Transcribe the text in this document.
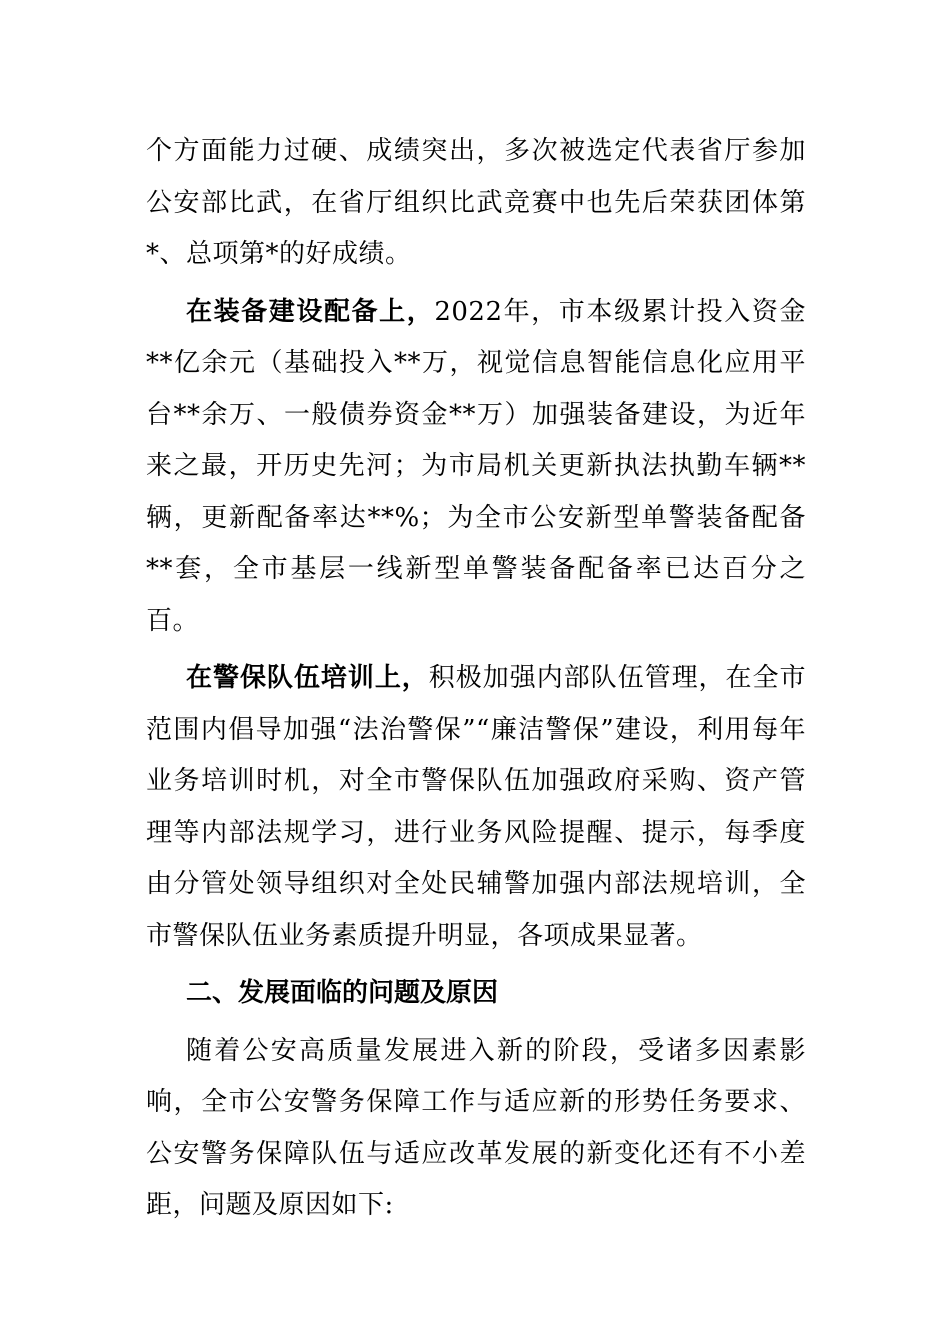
个方面能力过硬、成绩突出，多次被选定代表省厅参加公安部比武，在省厅组织比武竞赛中也先后荣获团体第*、总项第*的好成绩。

在装备建设配备上，2022年，市本级累计投入资金**亿余元（基础投入**万，视觉信息智能信息化应用平台**余万、一般债券资金**万）加强装备建设，为近年来之最，开历史先河；为市局机关更新执法执勤车辆**辆，更新配备率达**%；为全市公安新型单警装备配备**套，全市基层一线新型单警装备配备率已达百分之百。

在警保队伍培训上，积极加强内部队伍管理，在全市范围内倡导加强“法治警保”“廉洁警保”建设，利用每年业务培训时机，对全市警保队伍加强政府采购、资产管理等内部法规学习，进行业务风险提醒、提示，每季度由分管处领导组织对全处民辅警加强内部法规培训，全市警保队伍业务素质提升明显，各项成果显著。

二、发展面临的问题及原因

随着公安高质量发展进入新的阶段，受诸多因素影响，全市公安警务保障工作与适应新的形势任务要求、公安警务保障队伍与适应改革发展的新变化还有不小差距，问题及原因如下:
